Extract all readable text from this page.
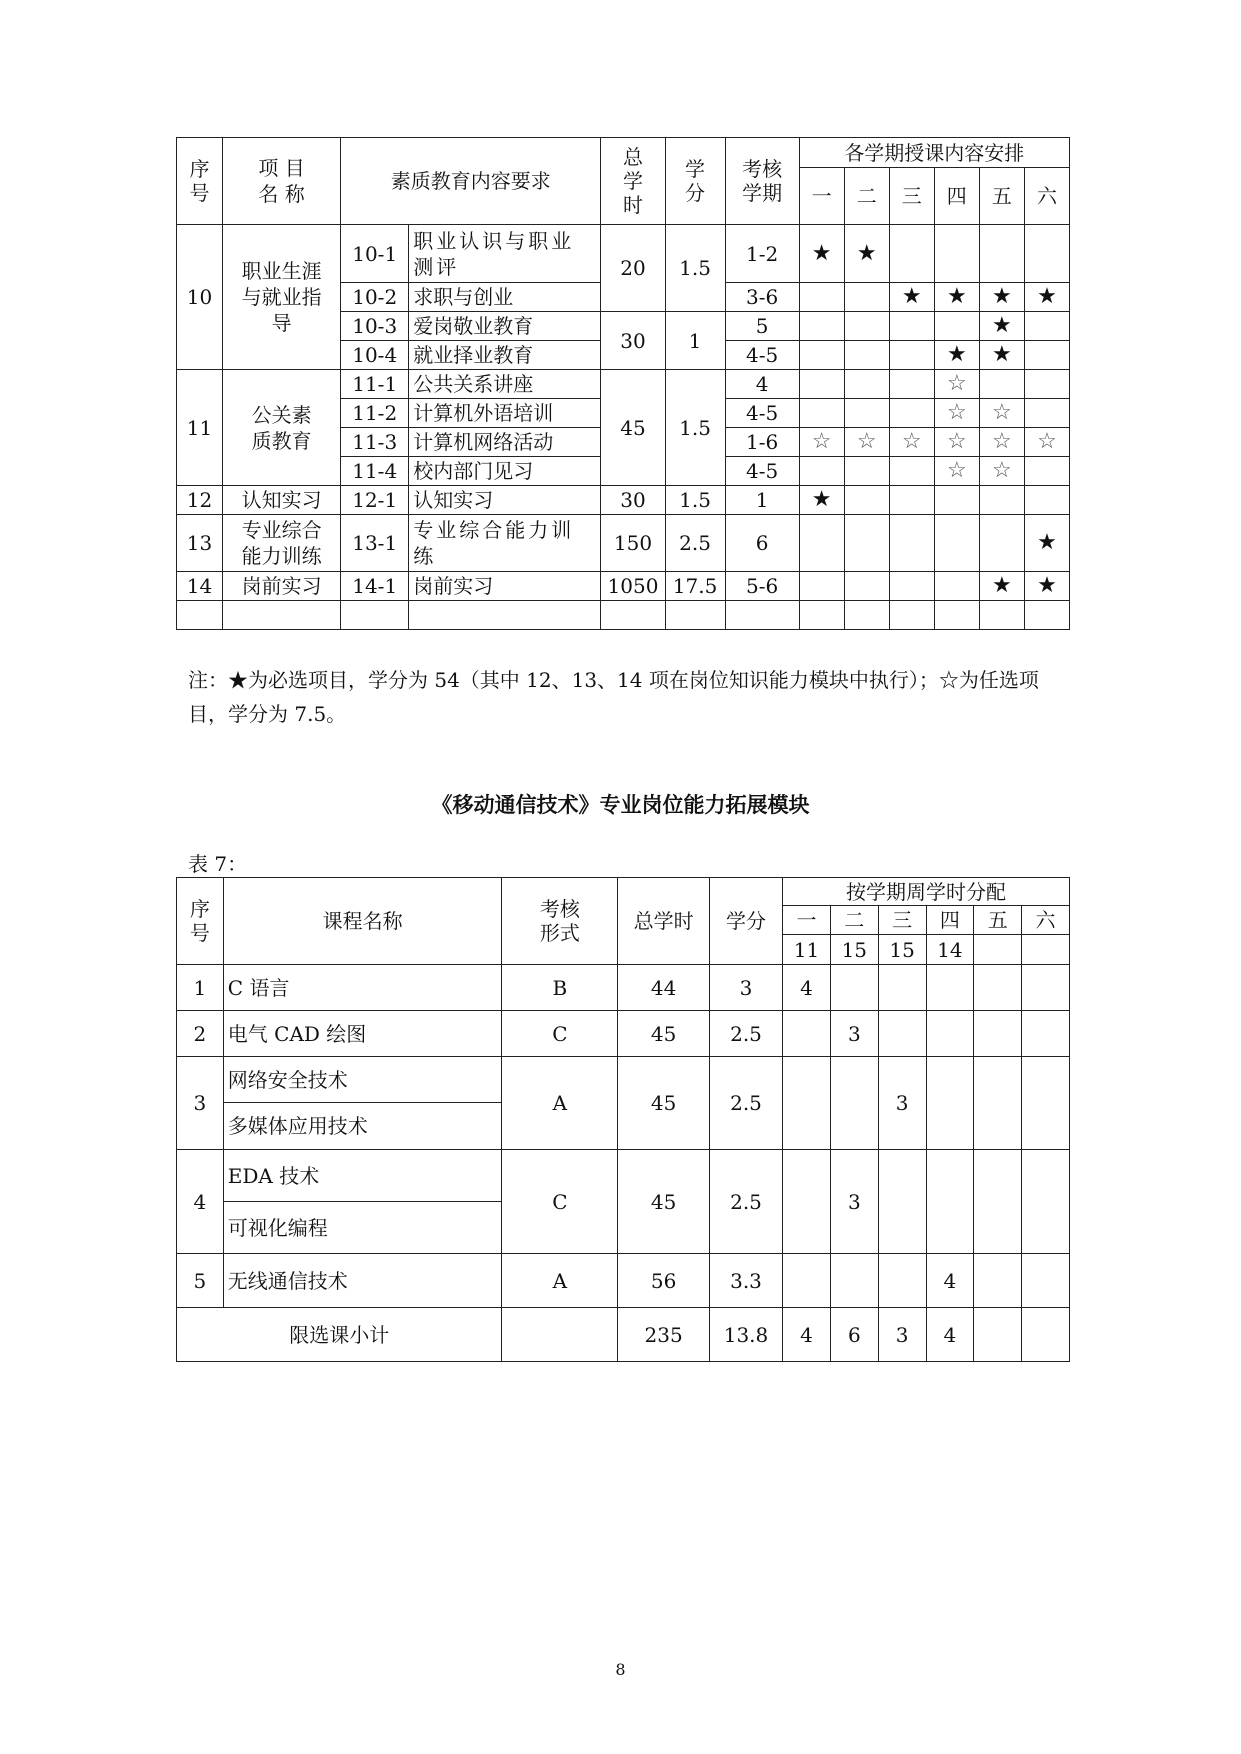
序号	项 目 名 称	素质教育内容要求		总学时	学分	考核学期	各学期授课内容安排					
							一	二	三	四	五	六
10	职业生涯与就业指导	10-1	职业认识与职业测评	20	1.5	1-2	★	★				
		10-2	求职与创业			3-6			★	★	★	★
		10-3	爱岗敬业教育	30	1	5					★	
		10-4	就业择业教育			4-5				★	★	
11	公关素质教育	11-1	公共关系讲座	45	1.5	4				☆		
		11-2	计算机外语培训			4-5				☆	☆	
		11-3	计算机网络活动			1-6	☆	☆	☆	☆	☆	☆
		11-4	校内部门见习			4-5				☆	☆	
12	认知实习	12-1	认知实习	30	1.5	1	★					
13	专业综合能力训练	13-1	专业综合能力训练	150	2.5	6						★
14	岗前实习	14-1	岗前实习	1050	17.5	5-6					★	★

注：★为必选项目，学分为 54（其中 12、13、14 项在岗位知识能力模块中执行）；☆为任选项目，学分为 7.5。
《移动通信技术》专业岗位能力拓展模块
表 7：
序号	课程名称	考核形式	总学时	学分	按学期周学时分配					
					一	二	三	四	五	六
					11	15	15	14		
1	C 语言	B	44	3	4					
2	电气 CAD 绘图	C	45	2.5		3				
3	网络安全技术	A	45	2.5			3			
	多媒体应用技术									
4	EDA 技术	C	45	2.5		3				
	可视化编程									
5	无线通信技术	A	56	3.3				4		
限选课小计			235	13.8	4	6	3	4		
8
